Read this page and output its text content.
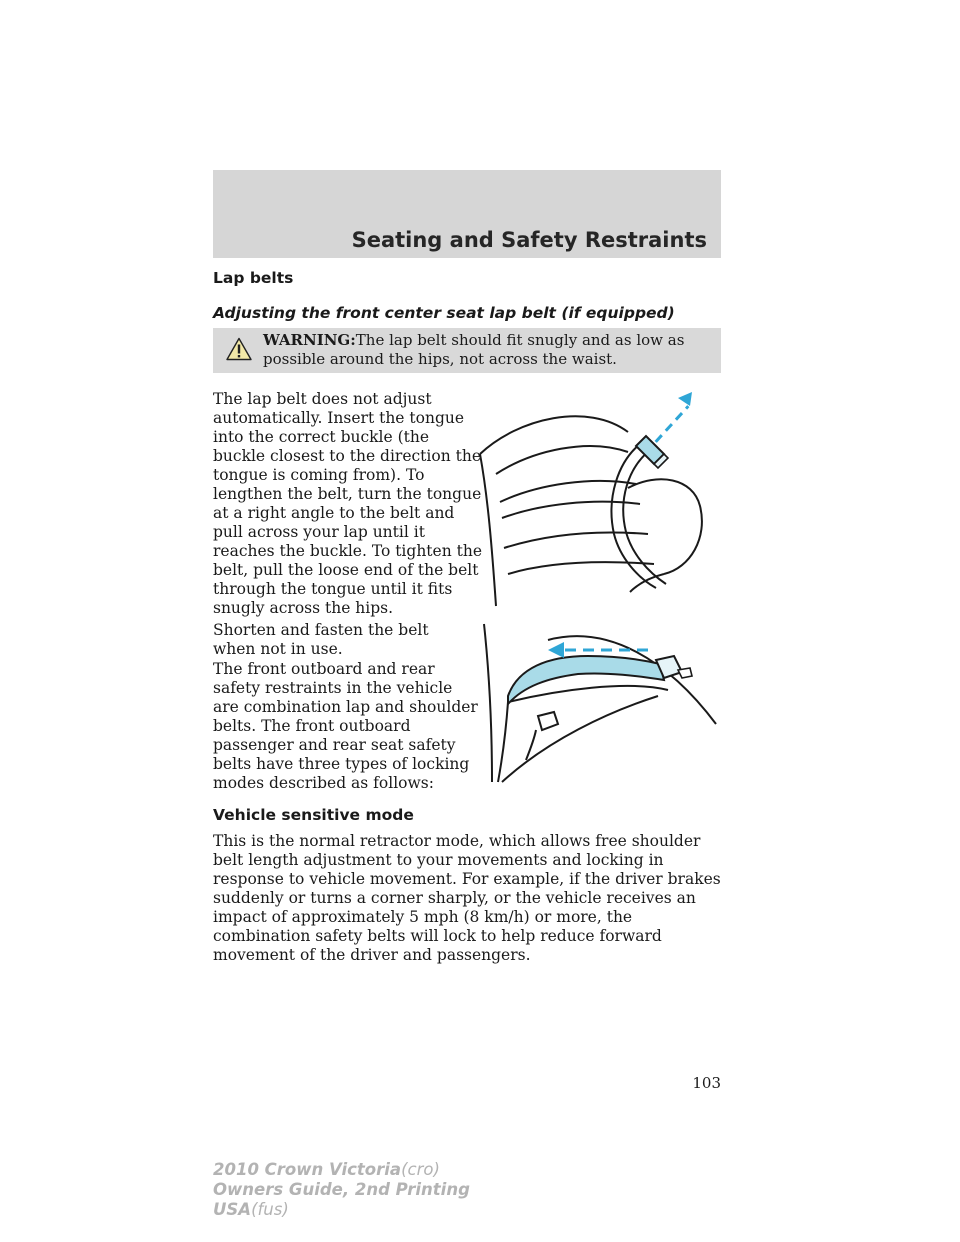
Seating and Safety Restraints
Lap belts
Adjusting the front center seat lap belt (if equipped)
WARNING:The lap belt should fit snugly and as low as possible around the hips, not across the waist.
The lap belt does not adjust automatically. Insert the tongue into the correct buckle (the buckle closest to the direction the tongue is coming from). To lengthen the belt, turn the tongue at a right angle to the belt and pull across your lap until it reaches the buckle. To tighten the belt, pull the loose end of the belt through the tongue until it fits snugly across the hips.
Shorten and fasten the belt when not in use.
The front outboard and rear safety restraints in the vehicle are combination lap and shoulder belts. The front outboard passenger and rear seat safety belts have three types of locking modes described as follows:
Vehicle sensitive mode
This is the normal retractor mode, which allows free shoulder belt length adjustment to your movements and locking in response to vehicle movement. For example, if the driver brakes suddenly or turns a corner sharply, or the vehicle receives an impact of approximately 5 mph (8 km/h) or more, the combination safety belts will lock to help reduce forward movement of the driver and passengers.
103
2010 Crown Victoria(cro)
Owners Guide, 2nd Printing
USA(fus)
